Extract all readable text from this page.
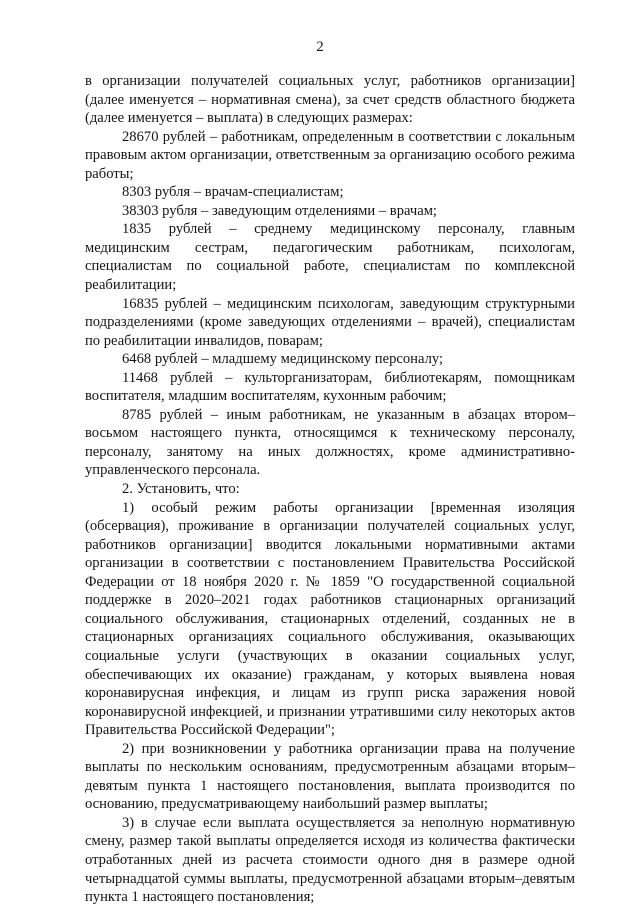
2

в организации получателей социальных услуг, работников организации] (далее именуется – нормативная смена), за счет средств областного бюджета (далее именуется – выплата) в следующих размерах:

28670 рублей – работникам, определенным в соответствии с локальным правовым актом организации, ответственным за организацию особого режима работы;

8303 рубля – врачам-специалистам;

38303 рубля – заведующим отделениями – врачам;

1835 рублей – среднему медицинскому персоналу, главным медицинским сестрам, педагогическим работникам, психологам, специалистам по социальной работе, специалистам по комплексной реабилитации;

16835 рублей – медицинским психологам, заведующим структурными подразделениями (кроме заведующих отделениями – врачей), специалистам по реабилитации инвалидов, поварам;

6468 рублей – младшему медицинскому персоналу;

11468 рублей – культорганизаторам, библиотекарям, помощникам воспитателя, младшим воспитателям, кухонным рабочим;

8785 рублей – иным работникам, не указанным в абзацах втором–восьмом настоящего пункта, относящимся к техническому персоналу, персоналу, занятому на иных должностях, кроме административно-управленческого персонала.

2. Установить, что:

1) особый режим работы организации [временная изоляция (обсервация), проживание в организации получателей социальных услуг, работников организации] вводится локальными нормативными актами организации в соответствии с постановлением Правительства Российской Федерации от 18 ноября 2020 г. № 1859 "О государственной социальной поддержке в 2020–2021 годах работников стационарных организаций социального обслуживания, стационарных отделений, созданных не в стационарных организациях социального обслуживания, оказывающих социальные услуги (участвующих в оказании социальных услуг, обеспечивающих их оказание) гражданам, у которых выявлена новая коронавирусная инфекция, и лицам из групп риска заражения новой коронавирусной инфекцией, и признании утратившими силу некоторых актов Правительства Российской Федерации";

2) при возникновении у работника организации права на получение выплаты по нескольким основаниям, предусмотренным абзацами вторым–девятым пункта 1 настоящего постановления, выплата производится по основанию, предусматривающему наибольший размер выплаты;

3) в случае если выплата осуществляется за неполную нормативную смену, размер такой выплаты определяется исходя из количества фактически отработанных дней из расчета стоимости одного дня в размере одной четырнадцатой суммы выплаты, предусмотренной абзацами вторым–девятым пункта 1 настоящего постановления;
